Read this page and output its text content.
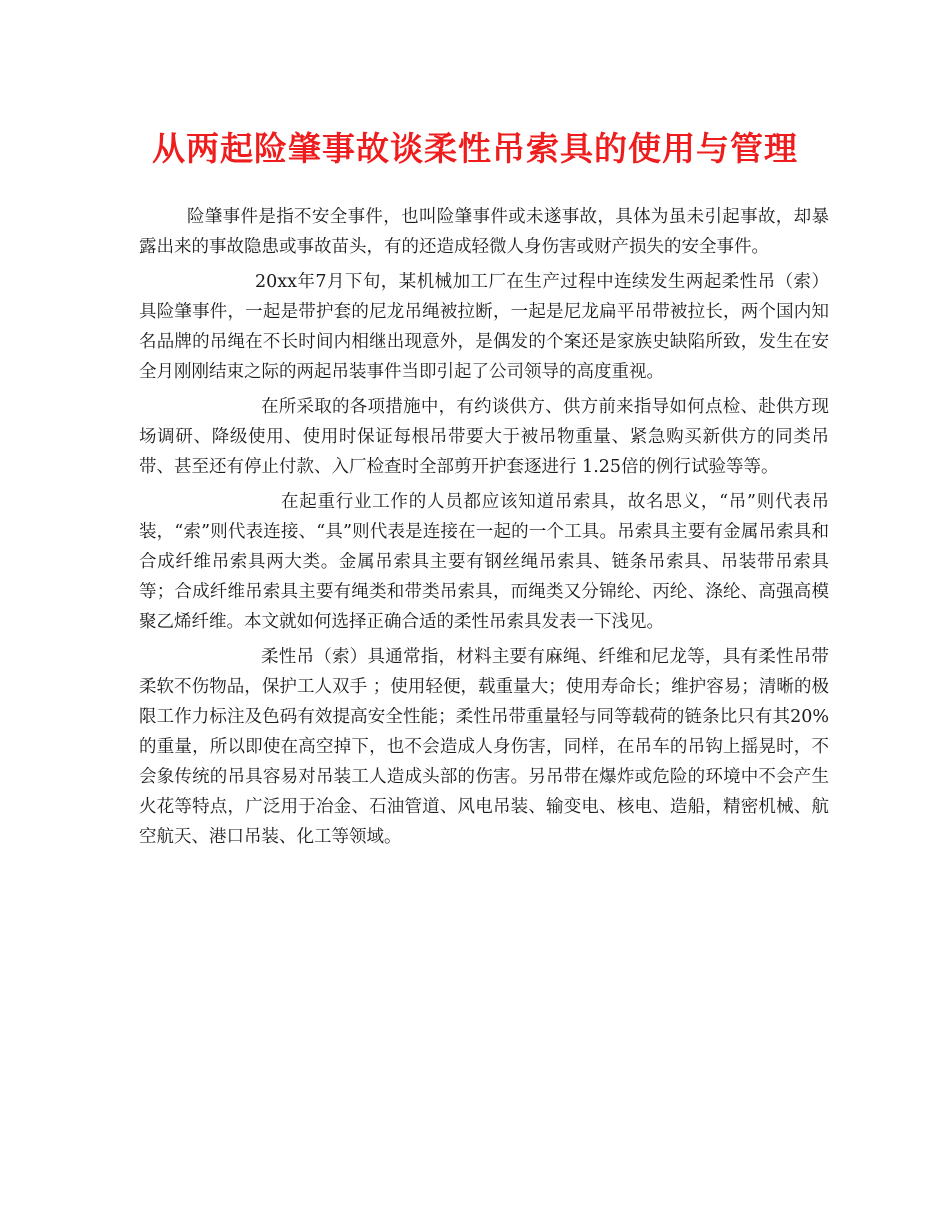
从两起险肇事故谈柔性吊索具的使用与管理

险肇事件是指不安全事件，也叫险肇事件或未遂事故，具体为虽未引起事故，却暴露出来的事故隐患或事故苗头，有的还造成轻微人身伤害或财产损失的安全事件。

20xx年7月下旬，某机械加工厂在生产过程中连续发生两起柔性吊（索）具险肇事件，一起是带护套的尼龙吊绳被拉断，一起是尼龙扁平吊带被拉长，两个国内知名品牌的吊绳在不长时间内相继出现意外，是偶发的个案还是家族史缺陷所致，发生在安全月刚刚结束之际的两起吊装事件当即引起了公司领导的高度重视。

在所采取的各项措施中，有约谈供方、供方前来指导如何点检、赴供方现场调研、降级使用、使用时保证每根吊带要大于被吊物重量、紧急购买新供方的同类吊带、甚至还有停止付款、入厂检查时全部剪开护套逐进行 1.25倍的例行试验等等。

在起重行业工作的人员都应该知道吊索具，故名思义，“吊”则代表吊装，“索”则代表连接、“具”则代表是连接在一起的一个工具。吊索具主要有金属吊索具和合成纤维吊索具两大类。金属吊索具主要有钢丝绳吊索具、链条吊索具、吊装带吊索具等；合成纤维吊索具主要有绳类和带类吊索具，而绳类又分锦纶、丙纶、涤纶、高强高模聚乙烯纤维。本文就如何选择正确合适的柔性吊索具发表一下浅见。

柔性吊（索）具通常指，材料主要有麻绳、纤维和尼龙等，具有柔性吊带柔软不伤物品，保护工人双手 ；使用轻便，载重量大；使用寿命长；维护容易；清晰的极限工作力标注及色码有效提高安全性能；柔性吊带重量轻与同等载荷的链条比只有其20%的重量，所以即使在高空掉下，也不会造成人身伤害，同样，在吊车的吊钩上摇晃时，不会象传统的吊具容易对吊装工人造成头部的伤害。另吊带在爆炸或危险的环境中不会产生火花等特点，广泛用于冶金、石油管道、风电吊装、输变电、核电、造船，精密机械、航空航天、港口吊装、化工等领域。
